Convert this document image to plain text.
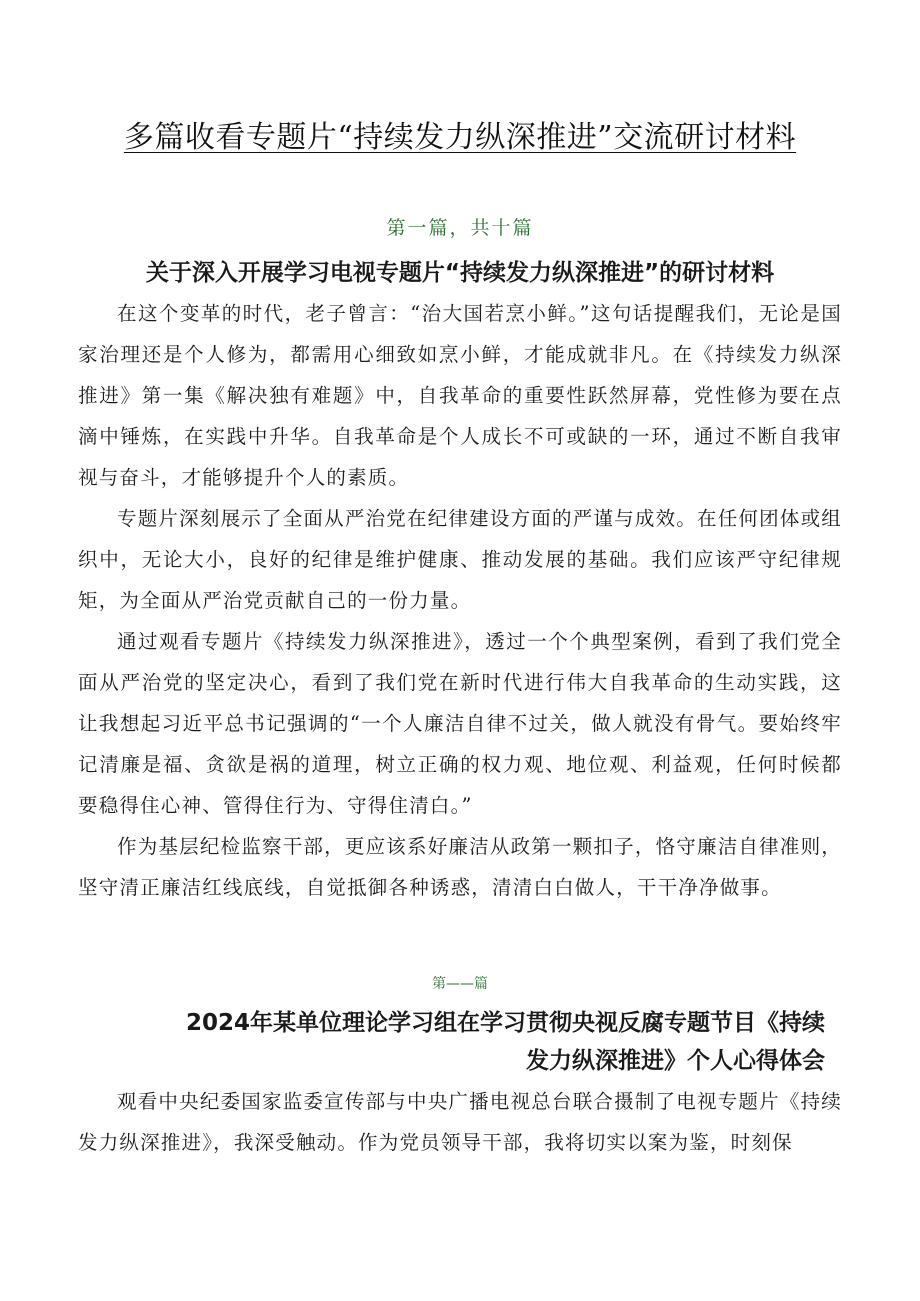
多篇收看专题片“持续发力纵深推进”交流研讨材料
第一篇，共十篇
关于深入开展学习电视专题片“持续发力纵深推进”的研讨材料

在这个变革的时代，老子曾言：“治大国若烹小鲜。”这句话提醒我们，无论是国家治理还是个人修为，都需用心细致如烹小鲜，才能成就非凡。在《持续发力纵深推进》第一集《解决独有难题》中，自我革命的重要性跃然屏幕，党性修为要在点滴中锤炼，在实践中升华。自我革命是个人成长不可或缺的一环，通过不断自我审视与奋斗，才能够提升个人的素质。

专题片深刻展示了全面从严治党在纪律建设方面的严谨与成效。在任何团体或组织中，无论大小，良好的纪律是维护健康、推动发展的基础。我们应该严守纪律规矩，为全面从严治党贡献自己的一份力量。

通过观看专题片《持续发力纵深推进》，透过一个个典型案例，看到了我们党全面从严治党的坚定决心，看到了我们党在新时代进行伟大自我革命的生动实践，这让我想起习近平总书记强调的“一个人廉洁自律不过关，做人就没有骨气。要始终牢记清廉是福、贪欲是祸的道理，树立正确的权力观、地位观、利益观，任何时候都要稳得住心神、管得住行为、守得住清白。”

作为基层纪检监察干部，更应该系好廉洁从政第一颗扣子，恪守廉洁自律准则，坚守清正廉洁红线底线，自觉抵御各种诱惑，清清白白做人，干干净净做事。

第——篇
2024年某单位理论学习组在学习贯彻央视反腐专题节目《持续
发力纵深推进》个人心得体会

观看中央纪委国家监委宣传部与中央广播电视总台联合摄制了电视专题片《持续发力纵深推进》，我深受触动。作为党员领导干部，我将切实以案为鉴，时刻保
